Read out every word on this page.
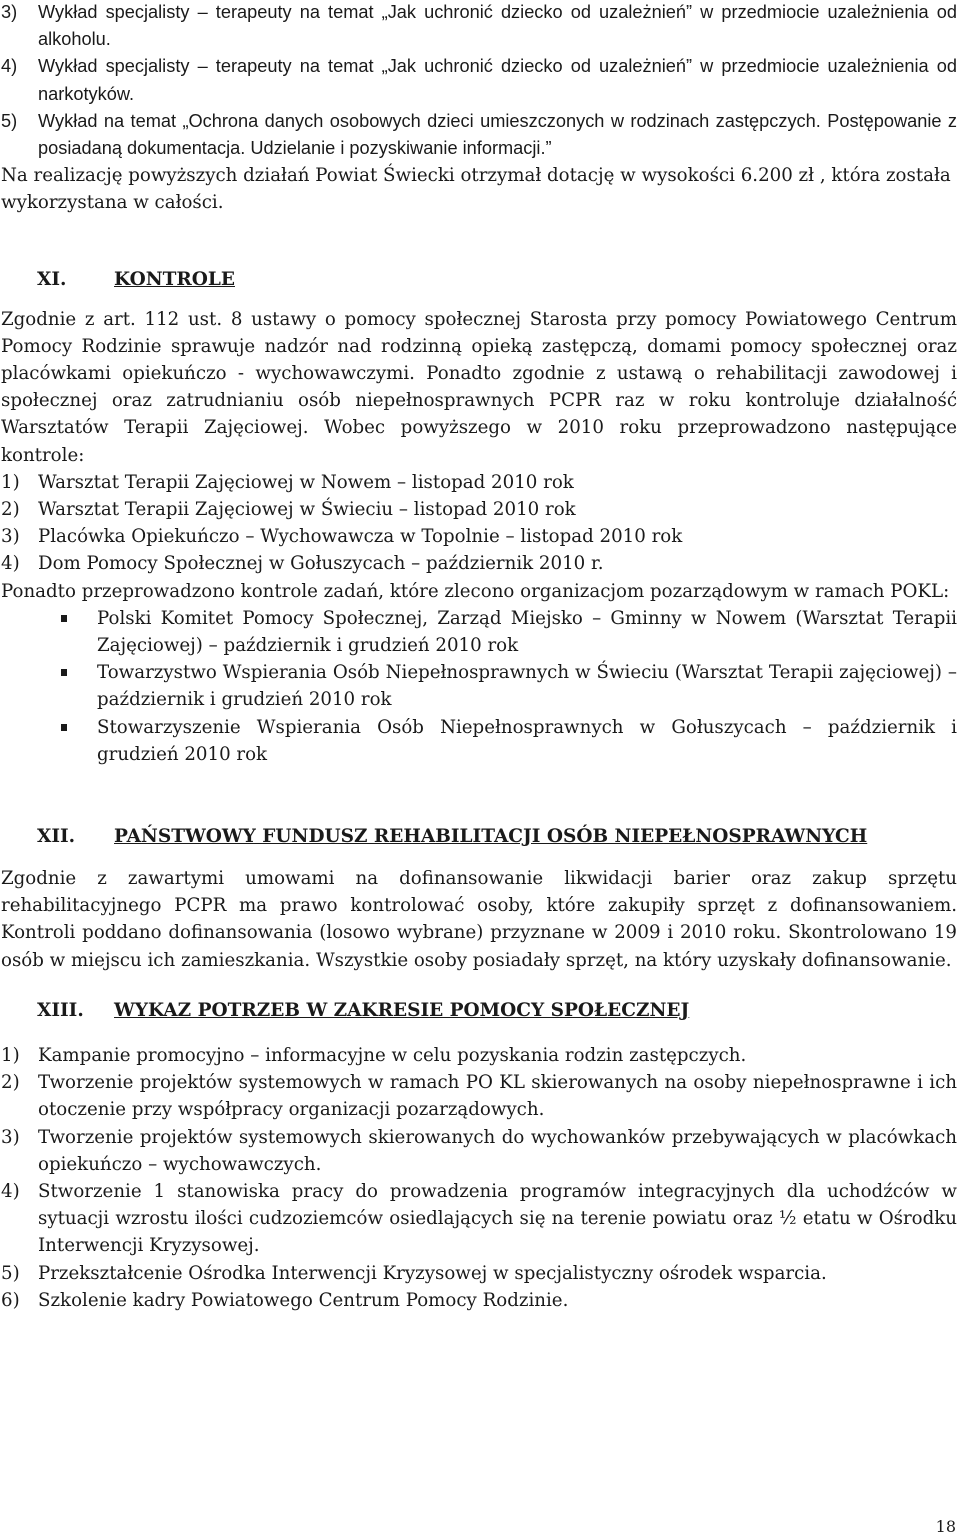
3) Wykład specjalisty – terapeuty na temat „Jak uchronić dziecko od uzależnień” w przedmiocie uzależnienia od alkoholu.
4) Wykład specjalisty – terapeuty na temat „Jak uchronić dziecko od uzależnień” w przedmiocie uzależnienia od narkotyków.
5) Wykład na temat „Ochrona danych osobowych dzieci umieszczonych w rodzinach zastępczych. Postępowanie z posiadaną dokumentacja. Udzielanie i pozyskiwanie informacji.”

Na realizację powyższych działań Powiat Świecki otrzymał dotację w wysokości 6.200 zł , która została wykorzystana w całości.

XI.	KONTROLE

Zgodnie z art. 112 ust. 8 ustawy o pomocy społecznej Starosta przy pomocy Powiatowego Centrum Pomocy Rodzinie sprawuje nadzór nad rodzinną opieką zastępczą, domami pomocy społecznej oraz placówkami opiekuńczo - wychowawczymi. Ponadto zgodnie z ustawą o rehabilitacji zawodowej i społecznej oraz zatrudnianiu osób niepełnosprawnych PCPR raz w roku kontroluje działalność Warsztatów Terapii Zajęciowej. Wobec powyższego w 2010 roku przeprowadzono następujące kontrole:

1) Warsztat Terapii Zajęciowej w Nowem – listopad 2010 rok
2) Warsztat Terapii Zajęciowej w Świeciu – listopad 2010 rok
3) Placówka Opiekuńczo – Wychowawcza w Topolnie – listopad 2010 rok
4) Dom Pomocy Społecznej w Gołuszycach – październik 2010 r.

Ponadto przeprowadzono kontrole zadań, które zlecono organizacjom pozarządowym w ramach POKL:

Polski Komitet Pomocy Społecznej, Zarząd Miejsko – Gminny w Nowem (Warsztat Terapii Zajęciowej) – październik i grudzień 2010 rok
Towarzystwo Wspierania Osób Niepełnosprawnych w Świeciu (Warsztat Terapii zajęciowej) – październik i grudzień 2010 rok
Stowarzyszenie Wspierania Osób Niepełnosprawnych w Gołuszycach – październik i grudzień 2010 rok
XII.	PAŃSTWOWY FUNDUSZ REHABILITACJI OSÓB NIEPEŁNOSPRAWNYCH

Zgodnie z zawartymi umowami na dofinansowanie likwidacji barier oraz zakup sprzętu rehabilitacyjnego PCPR ma prawo kontrolować osoby, które zakupiły sprzęt z dofinansowaniem. Kontroli poddano dofinansowania (losowo wybrane) przyznane w 2009 i 2010 roku. Skontrolowano 19 osób w miejscu ich zamieszkania. Wszystkie osoby posiadały sprzęt, na który uzyskały dofinansowanie.

XIII.	WYKAZ POTRZEB W ZAKRESIE POMOCY SPOŁECZNEJ
1) Kampanie promocyjno – informacyjne w celu pozyskania rodzin zastępczych.
2) Tworzenie projektów systemowych w ramach PO KL skierowanych na osoby niepełnosprawne i ich otoczenie przy współpracy organizacji pozarządowych.
3) Tworzenie projektów systemowych skierowanych do wychowanków przebywających w placówkach opiekuńczo – wychowawczych.
4) Stworzenie 1 stanowiska pracy do prowadzenia programów integracyjnych dla uchodźców w sytuacji wzrostu ilości cudzoziemców osiedlających się na terenie powiatu oraz ½ etatu w Ośrodku Interwencji Kryzysowej.
5) Przekształcenie Ośrodka Interwencji Kryzysowej w specjalistyczny ośrodek wsparcia.
6) Szkolenie kadry Powiatowego Centrum Pomocy Rodzinie.
18
